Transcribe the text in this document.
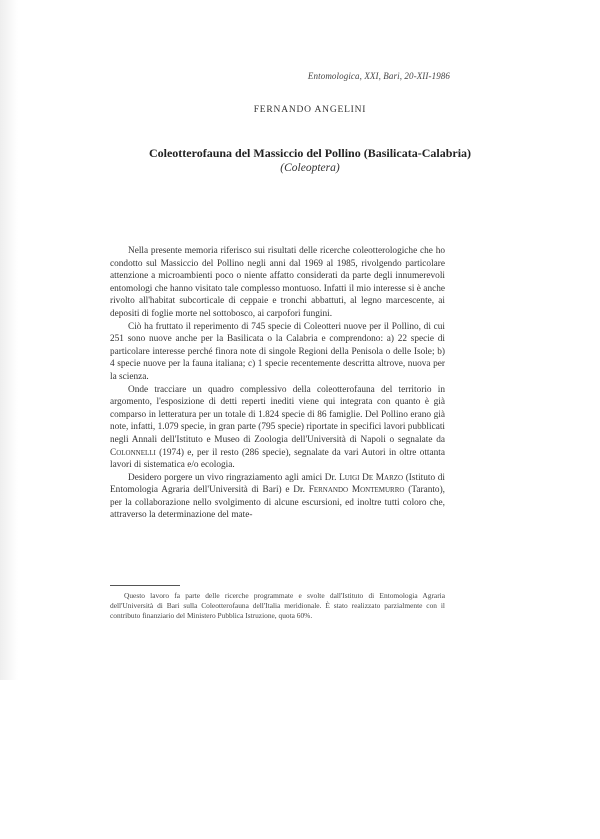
Entomologica, XXI, Bari, 20-XII-1986
FERNANDO ANGELINI
Coleotterofauna del Massiccio del Pollino (Basilicata-Calabria)
(Coleoptera)

Nella presente memoria riferisco sui risultati delle ricerche coleotterologiche che ho condotto sul Massiccio del Pollino negli anni dal 1969 al 1985, rivolgendo particolare attenzione a microambienti poco o niente affatto considerati da parte degli innumerevoli entomologi che hanno visitato tale complesso montuoso. Infatti il mio interesse si è anche rivolto all'habitat subcorticale di ceppaie e tronchi abbattuti, al legno marcescente, ai depositi di foglie morte nel sottobosco, ai carpofori fungini.

Ciò ha fruttato il reperimento di 745 specie di Coleotteri nuove per il Pollino, di cui 251 sono nuove anche per la Basilicata o la Calabria e comprendono: a) 22 specie di particolare interesse perché finora note di singole Regioni della Penisola o delle Isole; b) 4 specie nuove per la fauna italiana; c) 1 specie recentemente descritta altrove, nuova per la scienza.

Onde tracciare un quadro complessivo della coleotterofauna del territorio in argomento, l'esposizione di detti reperti inediti viene qui integrata con quanto è già comparso in letteratura per un totale di 1.824 specie di 86 famiglie. Del Pollino erano già note, infatti, 1.079 specie, in gran parte (795 specie) riportate in specifici lavori pubblicati negli Annali dell'Istituto e Museo di Zoologia dell'Università di Napoli o segnalate da Colonnelli (1974) e, per il resto (286 specie), segnalate da vari Autori in oltre ottanta lavori di sistematica e/o ecologia.

Desidero porgere un vivo ringraziamento agli amici Dr. Luigi De Marzo (Istituto di Entomologia Agraria dell'Università di Bari) e Dr. Fernando Montemurro (Taranto), per la collaborazione nello svolgimento di alcune escursioni, ed inoltre tutti coloro che, attraverso la determinazione del mate-

Questo lavoro fa parte delle ricerche programmate e svolte dall'Istituto di Entomologia Agraria dell'Università di Bari sulla Coleotterofauna dell'Italia meridionale. È stato realizzato parzialmente con il contributo finanziario del Ministero Pubblica Istruzione, quota 60%.
